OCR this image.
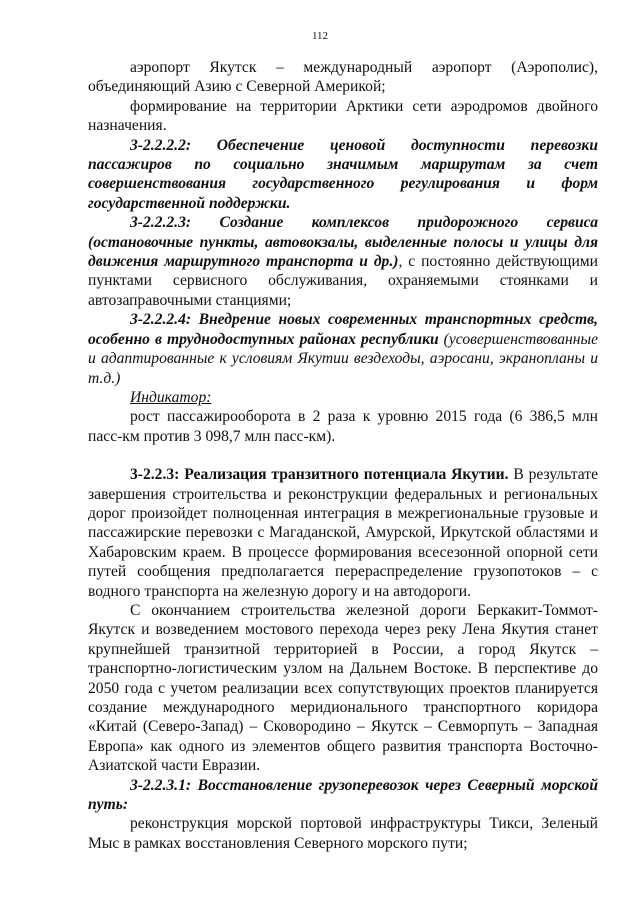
112

аэропорт Якутск – международный аэропорт (Аэрополис), объединяющий Азию с Северной Америкой;

формирование на территории Арктики сети аэродромов двойного назначения.

3-2.2.2.2: Обеспечение ценовой доступности перевозки пассажиров по социально значимым маршрутам за счет совершенствования государственного регулирования и форм государственной поддержки.

3-2.2.2.3: Создание комплексов придорожного сервиса (остановочные пункты, автовокзалы, выделенные полосы и улицы для движения маршрутного транспорта и др.), с постоянно действующими пунктами сервисного обслуживания, охраняемыми стоянками и автозаправочными станциями;

3-2.2.2.4: Внедрение новых современных транспортных средств, особенно в труднодоступных районах республики (усовершенствованные и адаптированные к условиям Якутии вездеходы, аэросани, экранопланы и т.д.)

Индикатор:

рост пассажирооборота в 2 раза к уровню 2015 года (6 386,5 млн пасс-км против 3 098,7 млн пасс-км).

3-2.2.3: Реализация транзитного потенциала Якутии. В результате завершения строительства и реконструкции федеральных и региональных дорог произойдет полноценная интеграция в межрегиональные грузовые и пассажирские перевозки с Магаданской, Амурской, Иркутской областями и Хабаровским краем. В процессе формирования всесезонной опорной сети путей сообщения предполагается перераспределение грузопотоков – с водного транспорта на железную дорогу и на автодороги.

С окончанием строительства железной дороги Беркакит-Томмот-Якутск и возведением мостового перехода через реку Лена Якутия станет крупнейшей транзитной территорией в России, а город Якутск – транспортно-логистическим узлом на Дальнем Востоке. В перспективе до 2050 года с учетом реализации всех сопутствующих проектов планируется создание международного меридионального транспортного коридора «Китай (Северо-Запад) – Сковородино – Якутск – Севморпуть – Западная Европа» как одного из элементов общего развития транспорта Восточно-Азиатской части Евразии.

3-2.2.3.1: Восстановление грузоперевозок через Северный морской путь:

реконструкция морской портовой инфраструктуры Тикси, Зеленый Мыс в рамках восстановления Северного морского пути;
